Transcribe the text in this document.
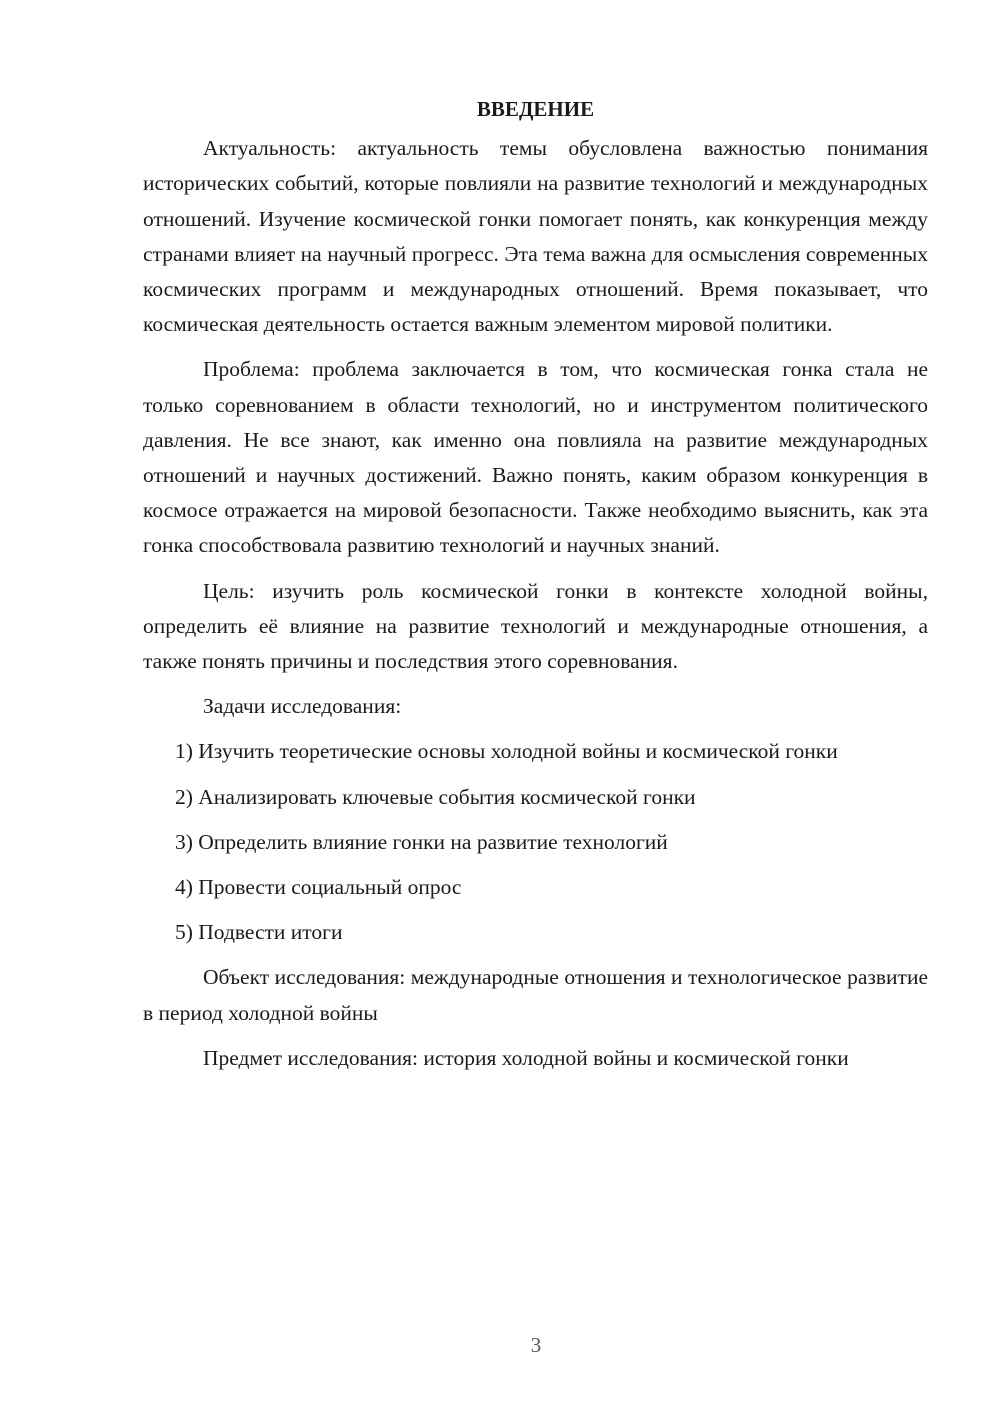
ВВЕДЕНИЕ

Актуальность: актуальность темы обусловлена важностью понимания исторических событий, которые повлияли на развитие технологий и международных отношений. Изучение космической гонки помогает понять, как конкуренция между странами влияет на научный прогресс. Эта тема важна для осмысления современных космических программ и международных отношений. Время показывает, что космическая деятельность остается важным элементом мировой политики.

Проблема: проблема заключается в том, что космическая гонка стала не только соревнованием в области технологий, но и инструментом политического давления. Не все знают, как именно она повлияла на развитие международных отношений и научных достижений. Важно понять, каким образом конкуренция в космосе отражается на мировой безопасности. Также необходимо выяснить, как эта гонка способствовала развитию технологий и научных знаний.

Цель: изучить роль космической гонки в контексте холодной войны, определить её влияние на развитие технологий и международные отношения, а также понять причины и последствия этого соревнования.

Задачи исследования:

1) Изучить теоретические основы холодной войны и космической гонки

2) Анализировать ключевые события космической гонки

3) Определить влияние гонки на развитие технологий

4) Провести социальный опрос

5) Подвести итоги

Объект исследования: международные отношения и технологическое развитие в период холодной войны

Предмет исследования: история холодной войны и космической гонки

3
